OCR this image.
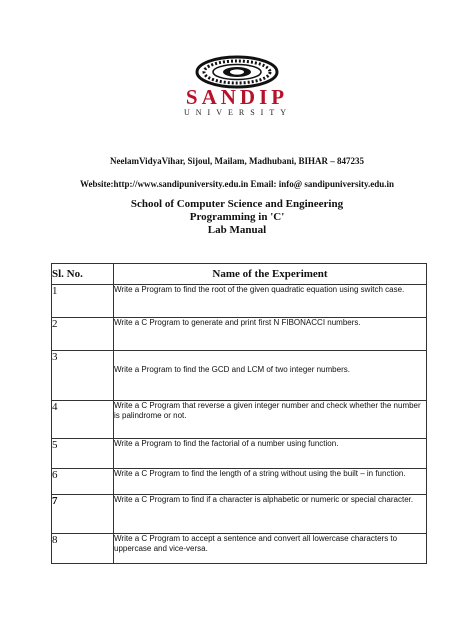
SANDIP
UNIVERSITY
NeelamVidyaVihar, Sijoul, Mailam, Madhubani, BIHAR – 847235
Website:http://www.sandipuniversity.edu.in Email: info@ sandipuniversity.edu.in
School of Computer Science and Engineering
Programming in 'C'
Lab Manual
Sl. No.	Name of the Experiment
1	Write a Program to find the root of the given quadratic equation using switch case.
2	Write a C Program to generate and print first N FIBONACCI numbers.
3	Write a Program to find the GCD and LCM of two integer numbers.

4	Write a C Program that reverse a given integer number and check whether the number is palindrome or not.
5	Write a Program to find the factorial of a number using function.
6	Write a C Program to find the length of a string without using the built – in function.
7	Write a C Program to find if a character is alphabetic or numeric or special character.
8	Write a C Program to accept a sentence and convert all lowercase characters to uppercase and vice-versa.
